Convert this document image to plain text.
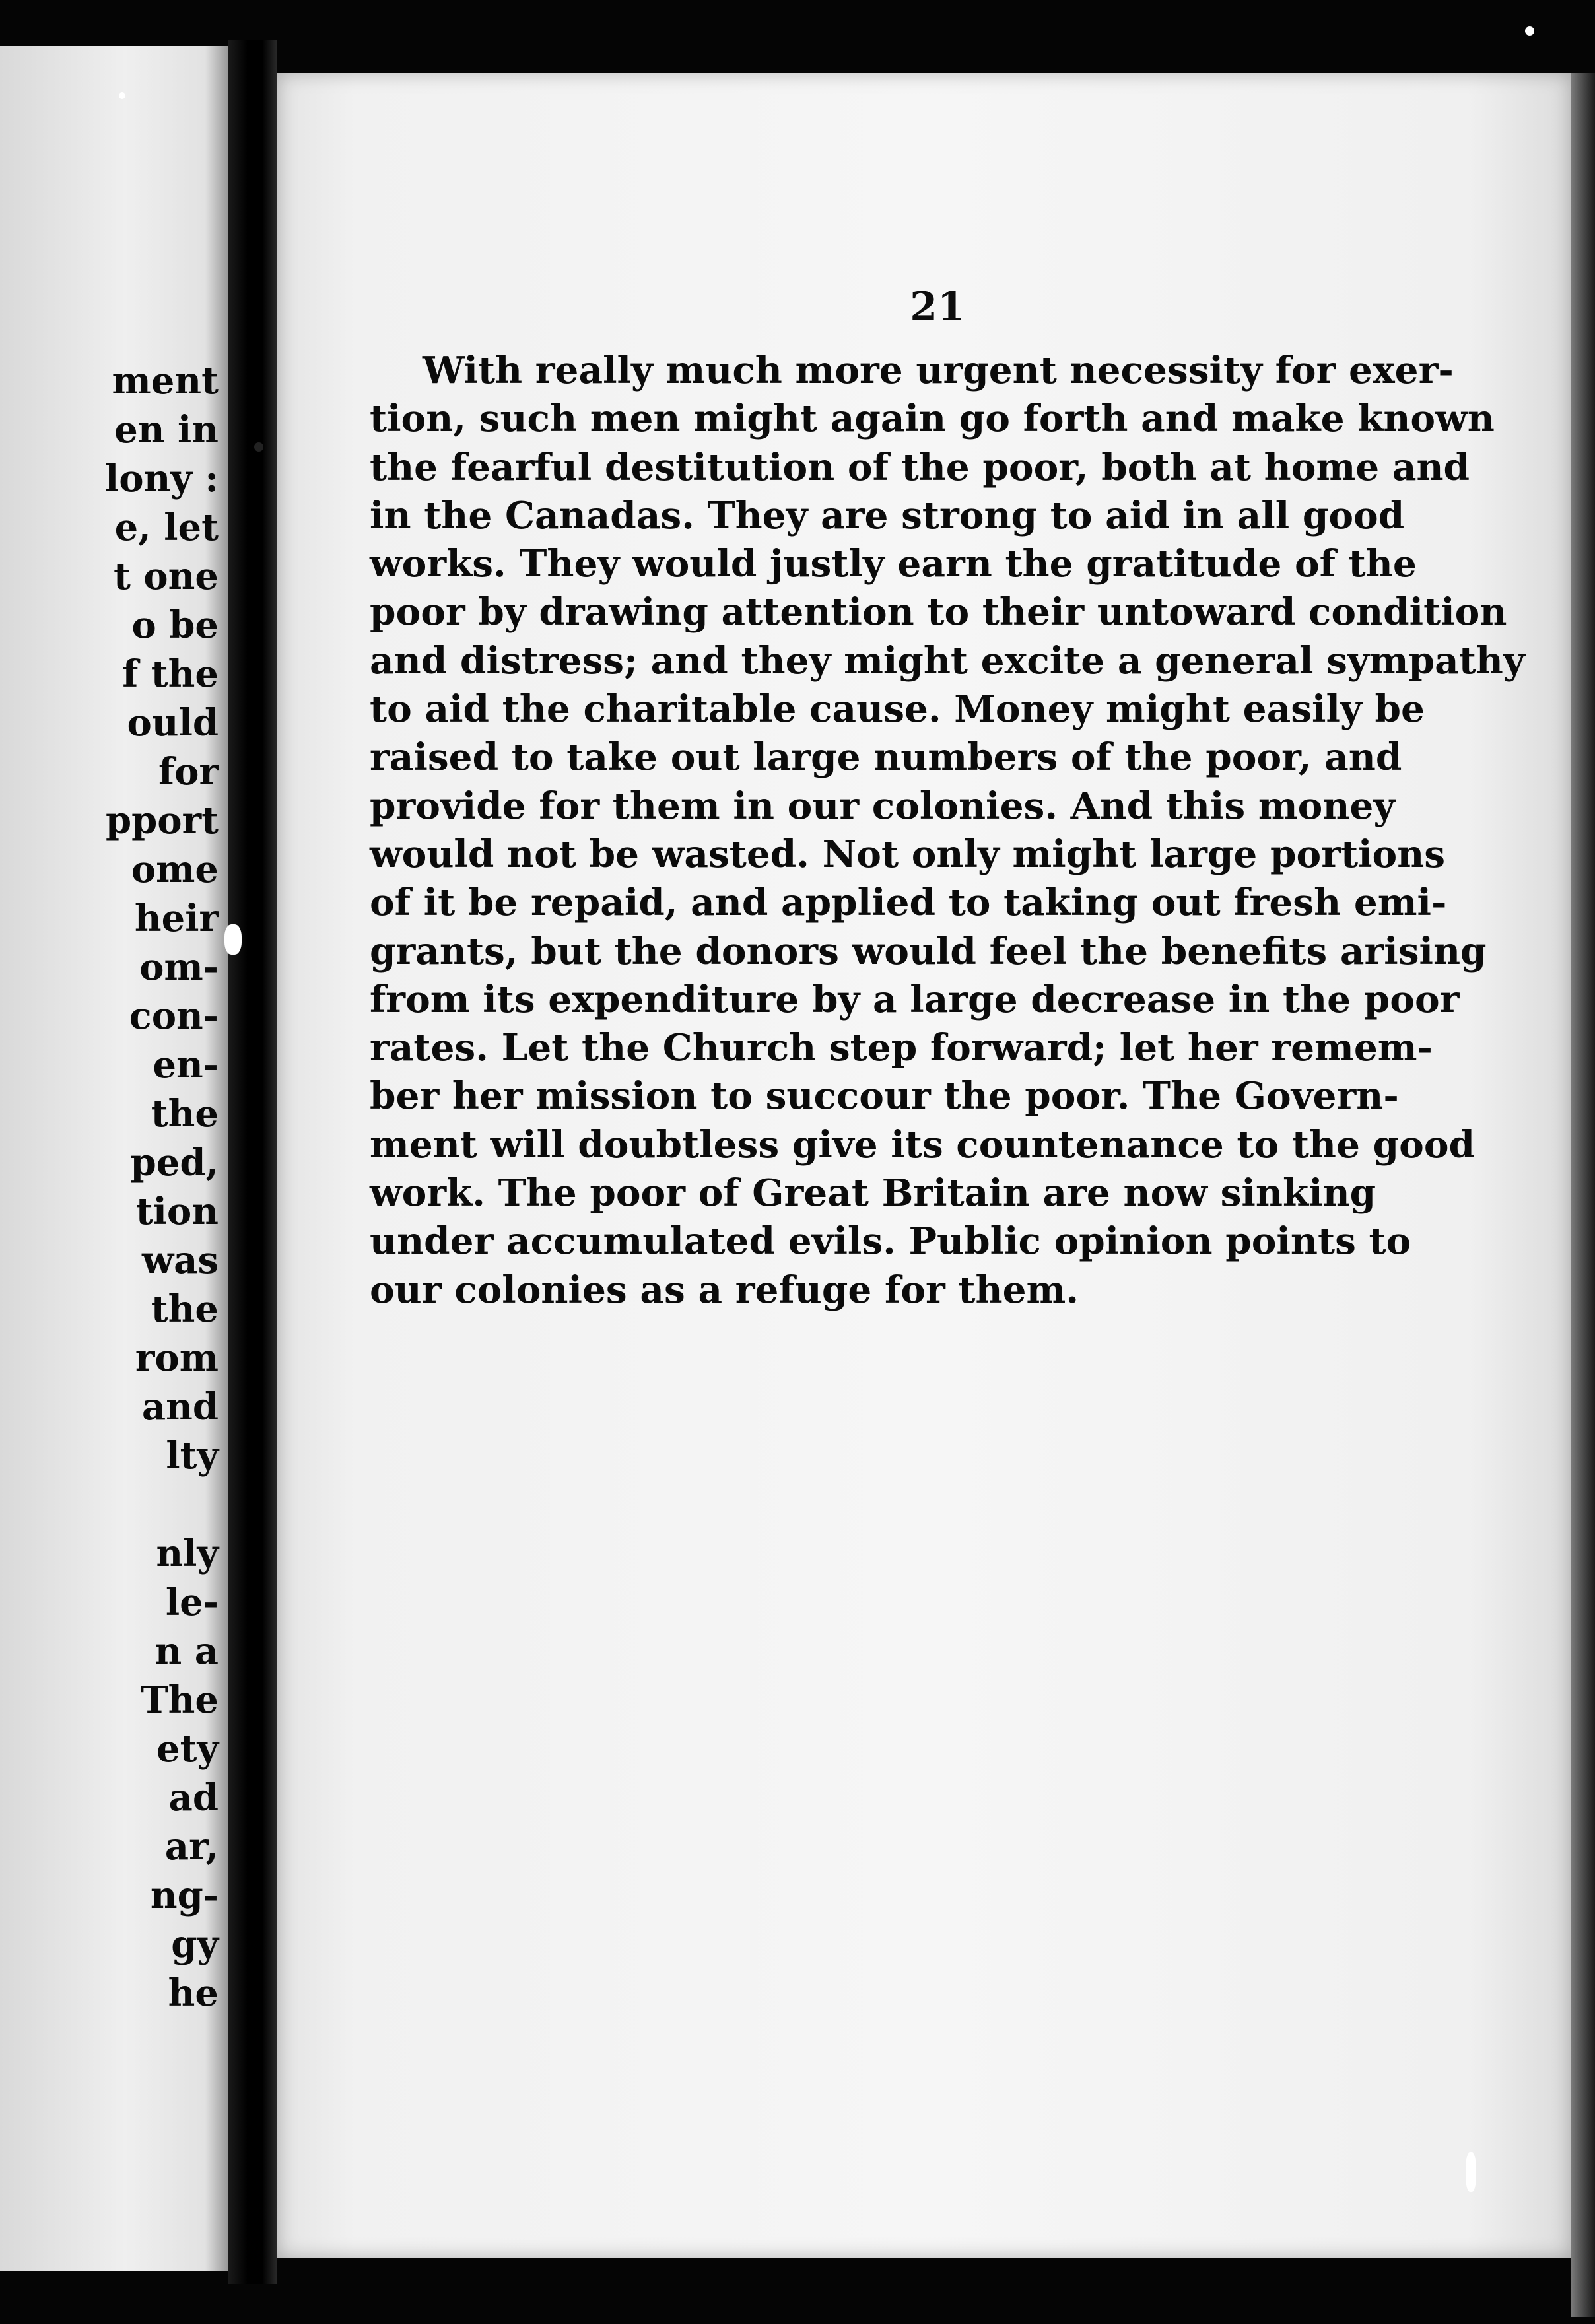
ment
en in
lony :
e, let
t one
o be
f the
ould
for
pport
ome
heir
om-
con-
en-
the
ped,
tion
was
the
rom
and
lty
nly
le-
n a
The
ety
ad
ar,
ng-
gy
he
21
With really much more urgent necessity for exer-
tion, such men might again go forth and make known
the fearful destitution of the poor, both at home and
in the Canadas. They are strong to aid in all good
works. They would justly earn the gratitude of the
poor by drawing attention to their untoward condition
and distress; and they might excite a general sympathy
to aid the charitable cause. Money might easily be
raised to take out large numbers of the poor, and
provide for them in our colonies. And this money
would not be wasted. Not only might large portions
of it be repaid, and applied to taking out fresh emi-
grants, but the donors would feel the benefits arising
from its expenditure by a large decrease in the poor
rates. Let the Church step forward; let her remem-
ber her mission to succour the poor. The Govern-
ment will doubtless give its countenance to the good
work. The poor of Great Britain are now sinking
under accumulated evils. Public opinion points to
our colonies as a refuge for them.
